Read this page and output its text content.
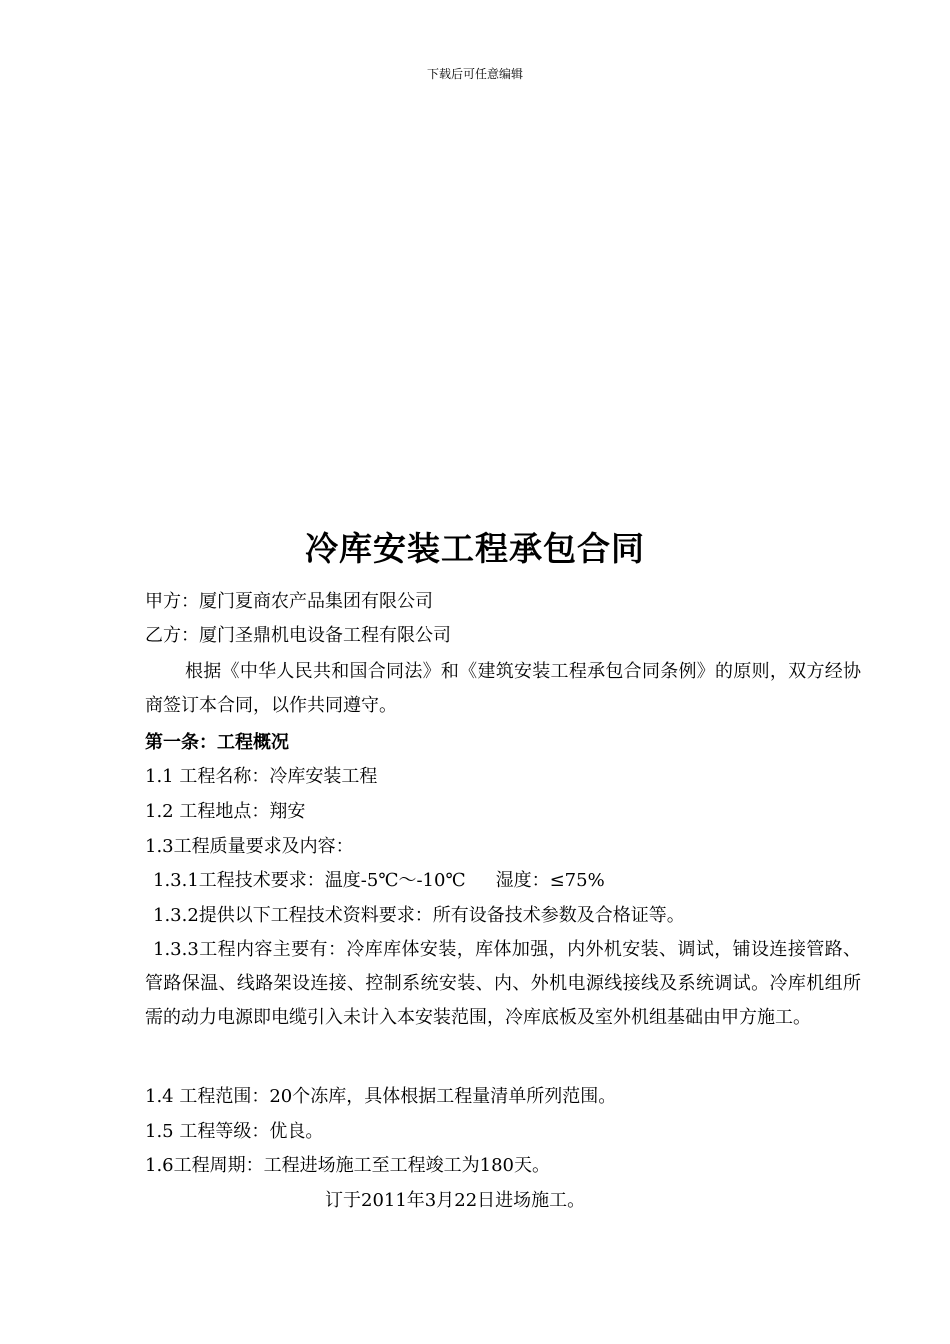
下载后可任意编辑
冷库安装工程承包合同
甲方：厦门夏商农产品集团有限公司
乙方：厦门圣鼎机电设备工程有限公司
根据《中华人民共和国合同法》和《建筑安装工程承包合同条例》的原则，双方经协商签订本合同，以作共同遵守。
第一条：工程概况
1.1 工程名称：冷库安装工程
1.2 工程地点：翔安
1.3工程质量要求及内容：
1.3.1工程技术要求：温度-5℃～-10℃ 湿度：≤75%
1.3.2提供以下工程技术资料要求：所有设备技术参数及合格证等。
1.3.3工程内容主要有：冷库库体安装，库体加强，内外机安装、调试，铺设连接管路、管路保温、线路架设连接、控制系统安装、内、外机电源线接线及系统调试。冷库机组所需的动力电源即电缆引入未计入本安装范围，冷库底板及室外机组基础由甲方施工。
1.4 工程范围：20个冻库，具体根据工程量清单所列范围。
1.5 工程等级：优良。
1.6工程周期：工程进场施工至工程竣工为180天。
订于2011年3月22日进场施工。
